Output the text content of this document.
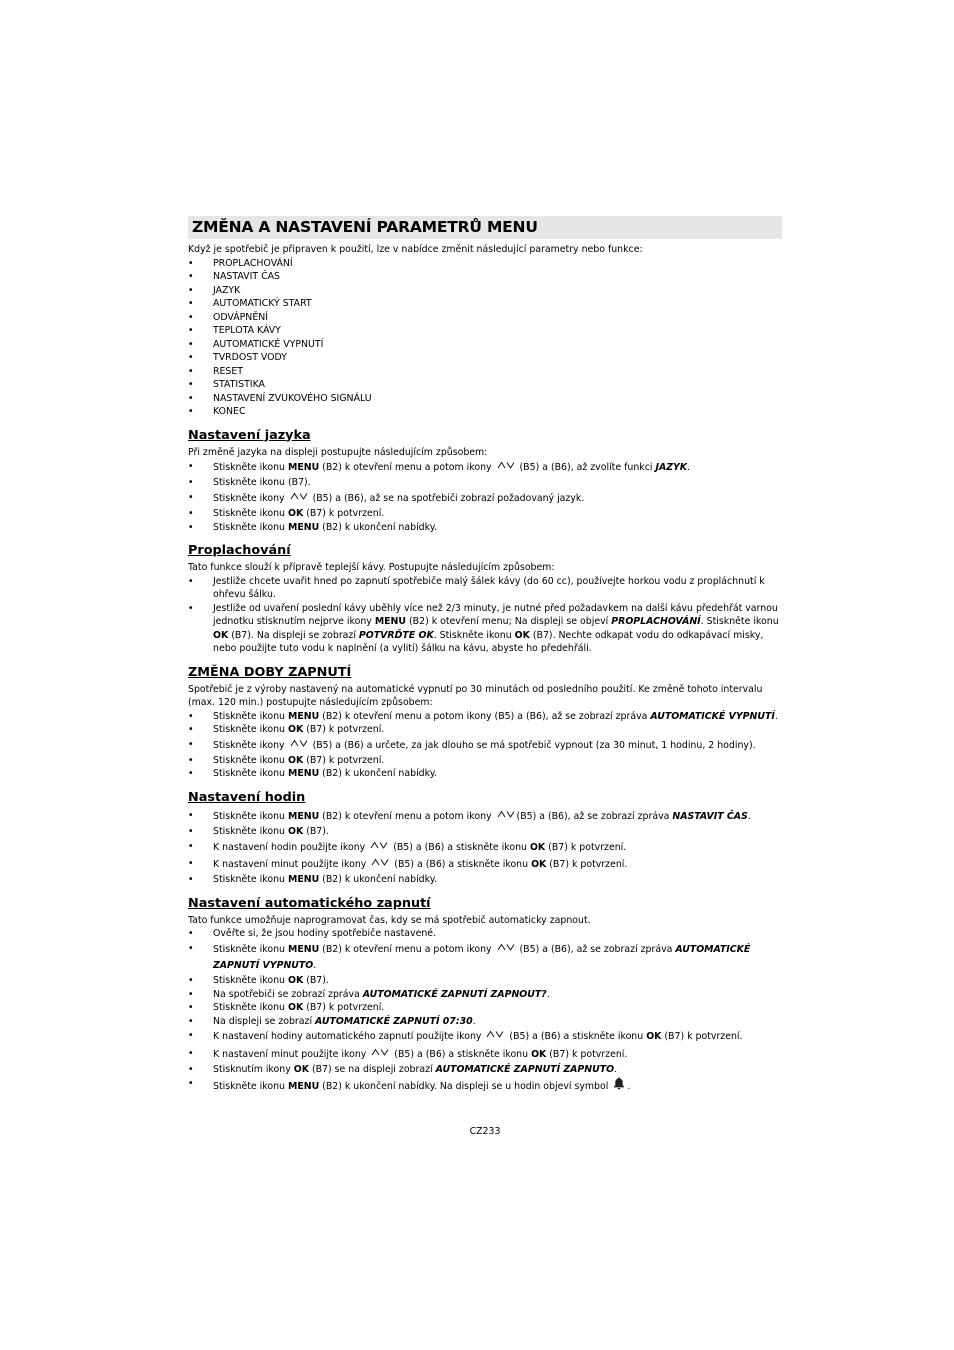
ZMĚNA A NASTAVENÍ PARAMETRŮ MENU

Když je spotřebič je připraven k použití, lze v nabídce změnit následující parametry nebo funkce:

• PROPLACHOVÁNÍ
• NASTAVIT ČAS
• JAZYK
• AUTOMATICKÝ START
• ODVÁPNĚNÍ
• TEPLOTA KÁVY
• AUTOMATICKÉ VYPNUTÍ
• TVRDOST VODY
• RESET
• STATISTIKA
• NASTAVENÍ ZVUKOVÉHO SIGNÁLU
• KONEC
Nastavení jazyka

Při změně jazyka na displeji postupujte následujícím způsobem:

• Stiskněte ikonu MENU (B2) k otevření menu a potom ikony  (B5) a (B6), až zvolíte funkci JAZYK.
• Stiskněte ikonu (B7).
• Stiskněte ikony  (B5) a (B6), až se na spotřebiči zobrazí požadovaný jazyk.
• Stiskněte ikonu OK (B7) k potvrzení.
• Stiskněte ikonu MENU (B2) k ukončení nabídky.
Proplachování

Tato funkce slouží k přípravě teplejší kávy. Postupujte následujícím způsobem:

• Jestliže chcete uvařit hned po zapnutí spotřebiče malý šálek kávy (do 60 cc), používejte horkou vodu z propláchnutí k ohřevu šálku.
• Jestliže od uvaření poslední kávy uběhly více než 2/3 minuty, je nutné před požadavkem na další kávu předehřát varnou jednotku stisknutím nejprve ikony MENU (B2) k otevření menu; Na displeji se objeví PROPLACHOVÁNÍ. Stiskněte ikonu OK (B7). Na displeji se zobrazí POTVRĎTE OK. Stiskněte ikonu OK (B7). Nechte odkapat vodu do odkapávací misky, nebo použijte tuto vodu k naplnění (a vylití) šálku na kávu, abyste ho předehřáli.
ZMĚNA DOBY ZAPNUTÍ

Spotřebič je z výroby nastavený na automatické vypnutí po 30 minutách od posledního použití. Ke změně tohoto intervalu (max. 120 min.) postupujte následujícím způsobem:

• Stiskněte ikonu MENU (B2) k otevření menu a potom ikony (B5) a (B6), až se zobrazí zpráva AUTOMATICKÉ VYPNUTÍ.
• Stiskněte ikonu OK (B7) k potvrzení.
• Stiskněte ikony  (B5) a (B6) a určete, za jak dlouho se má spotřebič vypnout (za 30 minut, 1 hodinu, 2 hodiny).
• Stiskněte ikonu OK (B7) k potvrzení.
• Stiskněte ikonu MENU (B2) k ukončení nabídky.
Nastavení hodin
• Stiskněte ikonu MENU (B2) k otevření menu a potom ikony (B5) a (B6), až se zobrazí zpráva NASTAVIT ČAS.
• Stiskněte ikonu OK (B7).
• K nastavení hodin použijte ikony  (B5) a (B6) a stiskněte ikonu OK (B7) k potvrzení.
• K nastavení minut použijte ikony  (B5) a (B6) a stiskněte ikonu OK (B7) k potvrzení.
• Stiskněte ikonu MENU (B2) k ukončení nabídky.
Nastavení automatického zapnutí

Tato funkce umožňuje naprogramovat čas, kdy se má spotřebič automaticky zapnout.

• Ověřte si, že jsou hodiny spotřebiče nastavené.
• Stiskněte ikonu MENU (B2) k otevření menu a potom ikony  (B5) a (B6), až se zobrazí zpráva AUTOMATICKÉ ZAPNUTÍ VYPNUTO.
• Stiskněte ikonu OK (B7).
• Na spotřebiči se zobrazí zpráva AUTOMATICKÉ ZAPNUTÍ ZAPNOUT?.
• Stiskněte ikonu OK (B7) k potvrzení.
• Na displeji se zobrazí AUTOMATICKÉ ZAPNUTÍ 07:30.
• K nastavení hodiny automatického zapnutí použijte ikony  (B5) a (B6) a stiskněte ikonu OK (B7) k potvrzení.
• K nastavení minut použijte ikony  (B5) a (B6) a stiskněte ikonu OK (B7) k potvrzení.
• Stisknutím ikony OK (B7) se na displeji zobrazí AUTOMATICKÉ ZAPNUTÍ ZAPNUTO.
• Stiskněte ikonu MENU (B2) k ukončení nabídky. Na displeji se u hodin objeví symbol .
CZ233
